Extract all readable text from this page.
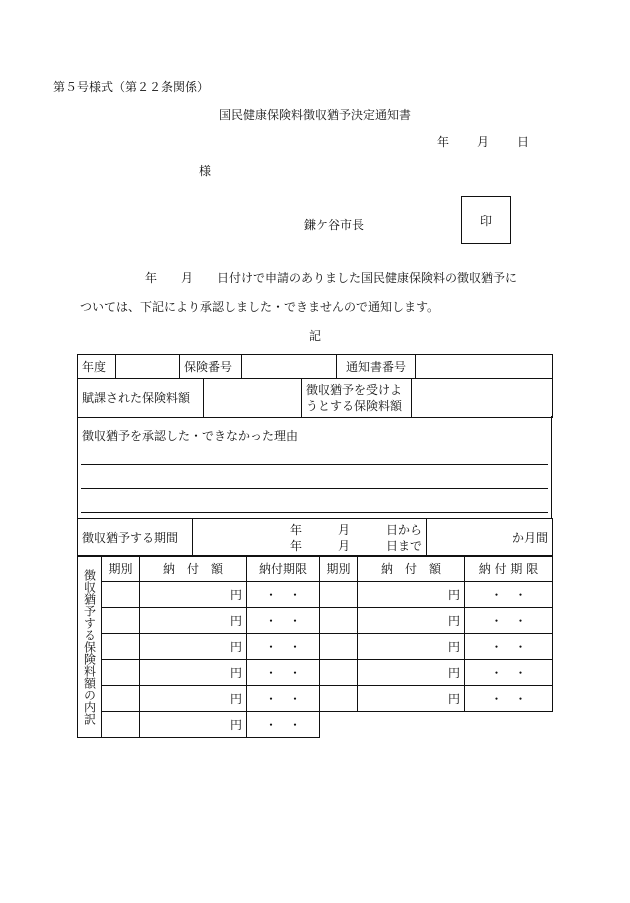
第５号様式（第２２条関係）
国民健康保険料徴収猶予決定通知書
年 月 日
様
鎌ケ谷市長	印
年　　月　　日付けで申請のありました国民健康保険料の徴収猶予に
ついては、下記により承認しました・できませんので通知します。
記
年度		保険番号		通知書番号	
賦課された保険料額		徴収猶予を受けよ
うとする保険料額	
徴収猶予を承認した・できなかった理由
徴収猶予する期間	年　　　月　　　日から
年　　　月　　　日まで	か月間
徴収猶予する保険料額の内訳	期別	納　付　額	納付期限	期別	納　付　額	納 付 期 限
		円	・　・		円	・　・
		円	・　・		円	・　・
		円	・　・		円	・　・
		円	・　・		円	・　・
		円	・　・		円	・　・
		円	・　・			
